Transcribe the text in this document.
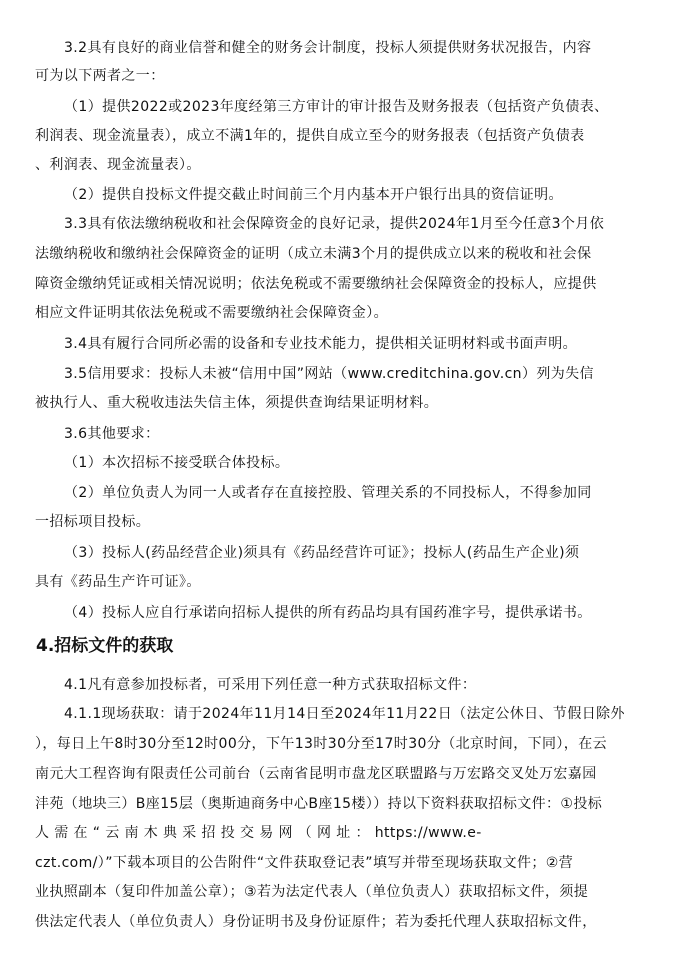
3.2具有良好的商业信誉和健全的财务会计制度，投标人须提供财务状况报告，内容
可为以下两者之一：
（1）提供2022或2023年度经第三方审计的审计报告及财务报表（包括资产负债表、
利润表、现金流量表），成立不满1年的，提供自成立至今的财务报表（包括资产负债表
、利润表、现金流量表）。
（2）提供自投标文件提交截止时间前三个月内基本开户银行出具的资信证明。
3.3具有依法缴纳税收和社会保障资金的良好记录，提供2024年1月至今任意3个月依
法缴纳税收和缴纳社会保障资金的证明（成立未满3个月的提供成立以来的税收和社会保
障资金缴纳凭证或相关情况说明；依法免税或不需要缴纳社会保障资金的投标人，应提供
相应文件证明其依法免税或不需要缴纳社会保障资金）。
3.4具有履行合同所必需的设备和专业技术能力，提供相关证明材料或书面声明。
3.5信用要求：投标人未被“信用中国”网站（www.creditchina.gov.cn）列为失信
被执行人、重大税收违法失信主体，须提供查询结果证明材料。
3.6其他要求：
（1）本次招标不接受联合体投标。
（2）单位负责人为同一人或者存在直接控股、管理关系的不同投标人，不得参加同
一招标项目投标。
（3）投标人(药品经营企业)须具有《药品经营许可证》；投标人(药品生产企业)须
具有《药品生产许可证》。
（4）投标人应自行承诺向招标人提供的所有药品均具有国药准字号，提供承诺书。
4.招标文件的获取
4.1凡有意参加投标者，可采用下列任意一种方式获取招标文件：
4.1.1现场获取：请于2024年11月14日至2024年11月22日（法定公休日、节假日除外
），每日上午8时30分至12时00分，下午13时30分至17时30分（北京时间，下同），在云
南元大工程咨询有限责任公司前台（云南省昆明市盘龙区联盟路与万宏路交叉处万宏嘉园
沣苑（地块三）B座15层（奥斯迪商务中心B座15楼））持以下资料获取招标文件：①投标
人 需 在 “ 云 南 木 典 采 招 投 交 易 网 （ 网 址 ： https://www.e-
czt.com/）”下载本项目的公告附件“文件获取登记表”填写并带至现场获取文件；②营
业执照副本（复印件加盖公章）；③若为法定代表人（单位负责人）获取招标文件，须提
供法定代表人（单位负责人）身份证明书及身份证原件；若为委托代理人获取招标文件，
